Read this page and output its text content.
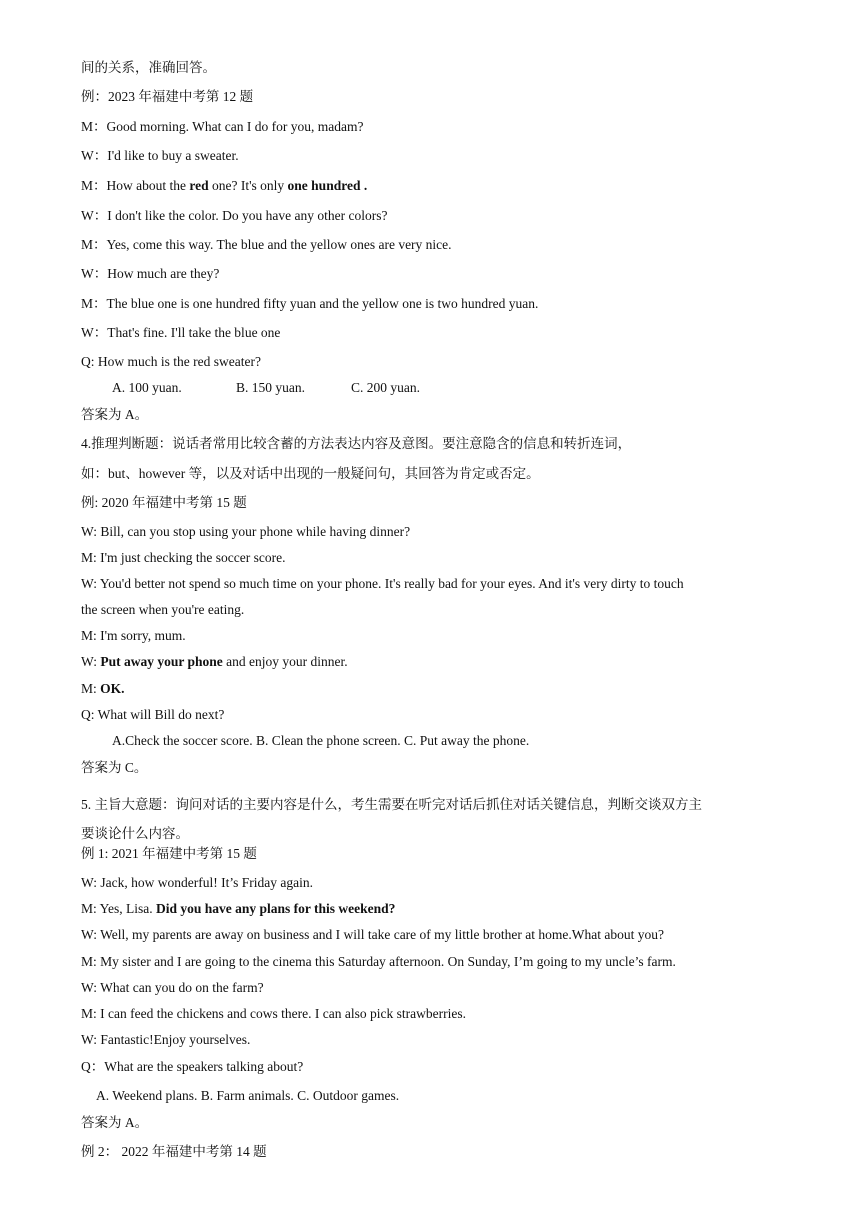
间的关系，准确回答。
例：2023 年福建中考第 12 题
M：Good morning. What can I do for you, madam?
W：I'd like to buy a sweater.
M：How about the red one? It's only one hundred .
W：I don't like the color. Do you have any other colors?
M：Yes, come this way. The blue and the yellow ones are very nice.
W：How much are they?
M：The blue one is one hundred fifty yuan and the yellow one is two hundred yuan.
W：That's fine. I'll take the blue one
Q: How much is the red sweater?
A. 100 yuan.	B. 150 yuan.	C. 200 yuan.
答案为 A。
4.推理判断题：说话者常用比较含蓄的方法表达内容及意图。要注意隐含的信息和转折连词，
如：but、however 等，以及对话中出现的一般疑问句，其回答为肯定或否定。
例: 2020 年福建中考第 15 题
W: Bill, can you stop using your phone while having dinner?
M: I'm just checking the soccer score.
W: You'd better not spend so much time on your phone. It's really bad for your eyes. And it's very dirty to touch
the screen when you're eating.
M: I'm sorry, mum.
W: Put away your phone and enjoy your dinner.
M: OK.
Q: What will Bill do next?
A.Check the soccer score. B. Clean the phone screen. C. Put away the phone.
答案为 C。
5. 主旨大意题：询问对话的主要内容是什么，考生需要在听完对话后抓住对话关键信息，判断交谈双方主
要谈论什么内容。
例 1: 2021 年福建中考第 15 题
W: Jack, how wonderful! It’s Friday again.
M: Yes, Lisa. Did you have any plans for this weekend?
W: Well, my parents are away on business and I will take care of my little brother at home.What about you?
M: My sister and I are going to the cinema this Saturday afternoon. On Sunday, I’m going to my uncle’s farm.
W: What can you do on the farm?
M: I can feed the chickens and cows there. I can also pick strawberries.
W: Fantastic!Enjoy yourselves.
Q：What are the speakers talking about?
A. Weekend plans. B. Farm animals. C. Outdoor games.
答案为 A。
例 2： 2022 年福建中考第 14 题
